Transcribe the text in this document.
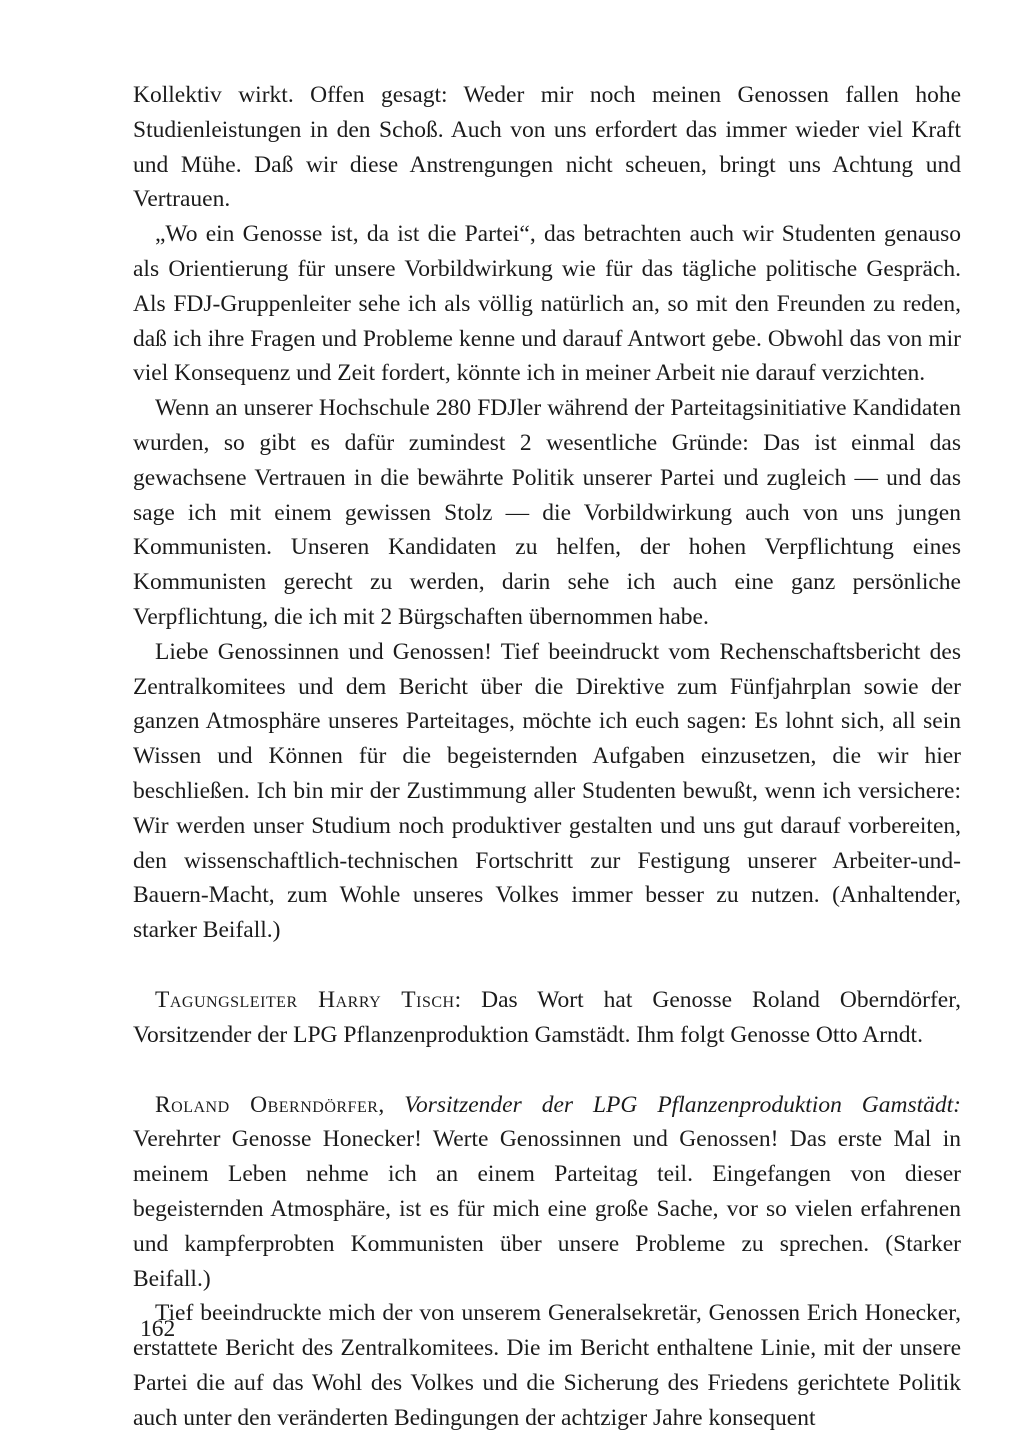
Kollektiv wirkt. Offen gesagt: Weder mir noch meinen Genossen fallen hohe Studienleistungen in den Schoß. Auch von uns erfordert das immer wieder viel Kraft und Mühe. Daß wir diese Anstrengungen nicht scheuen, bringt uns Achtung und Vertrauen.

„Wo ein Genosse ist, da ist die Partei“, das betrachten auch wir Studenten genauso als Orientierung für unsere Vorbildwirkung wie für das tägliche politische Gespräch. Als FDJ-Gruppenleiter sehe ich als völlig natürlich an, so mit den Freunden zu reden, daß ich ihre Fragen und Probleme kenne und darauf Antwort gebe. Obwohl das von mir viel Konsequenz und Zeit fordert, könnte ich in meiner Arbeit nie darauf verzichten.

Wenn an unserer Hochschule 280 FDJler während der Parteitagsinitiative Kandidaten wurden, so gibt es dafür zumindest 2 wesentliche Gründe: Das ist einmal das gewachsene Vertrauen in die bewährte Politik unserer Partei und zugleich — und das sage ich mit einem gewissen Stolz — die Vorbildwirkung auch von uns jungen Kommunisten. Unseren Kandidaten zu helfen, der hohen Verpflichtung eines Kommunisten gerecht zu werden, darin sehe ich auch eine ganz persönliche Verpflichtung, die ich mit 2 Bürgschaften übernommen habe.

Liebe Genossinnen und Genossen! Tief beeindruckt vom Rechenschaftsbericht des Zentralkomitees und dem Bericht über die Direktive zum Fünfjahrplan sowie der ganzen Atmosphäre unseres Parteitages, möchte ich euch sagen: Es lohnt sich, all sein Wissen und Können für die begeisternden Aufgaben einzusetzen, die wir hier beschließen. Ich bin mir der Zustimmung aller Studenten bewußt, wenn ich versichere: Wir werden unser Studium noch produktiver gestalten und uns gut darauf vorbereiten, den wissenschaftlich-technischen Fortschritt zur Festigung unserer Arbeiter-und-Bauern-Macht, zum Wohle unseres Volkes immer besser zu nutzen. (Anhaltender, starker Beifall.)

Tagungsleiter Harry Tisch: Das Wort hat Genosse Roland Oberndörfer, Vorsitzender der LPG Pflanzenproduktion Gamstädt. Ihm folgt Genosse Otto Arndt.

Roland Oberndörfer, Vorsitzender der LPG Pflanzenproduktion Gamstädt: Verehrter Genosse Honecker! Werte Genossinnen und Genossen! Das erste Mal in meinem Leben nehme ich an einem Parteitag teil. Eingefangen von dieser begeisternden Atmosphäre, ist es für mich eine große Sache, vor so vielen erfahrenen und kampferprobten Kommunisten über unsere Probleme zu sprechen. (Starker Beifall.)

Tief beeindruckte mich der von unserem Generalsekretär, Genossen Erich Honecker, erstattete Bericht des Zentralkomitees. Die im Bericht enthaltene Linie, mit der unsere Partei die auf das Wohl des Volkes und die Sicherung des Friedens gerichtete Politik auch unter den veränderten Bedingungen der achtziger Jahre konsequent

162
